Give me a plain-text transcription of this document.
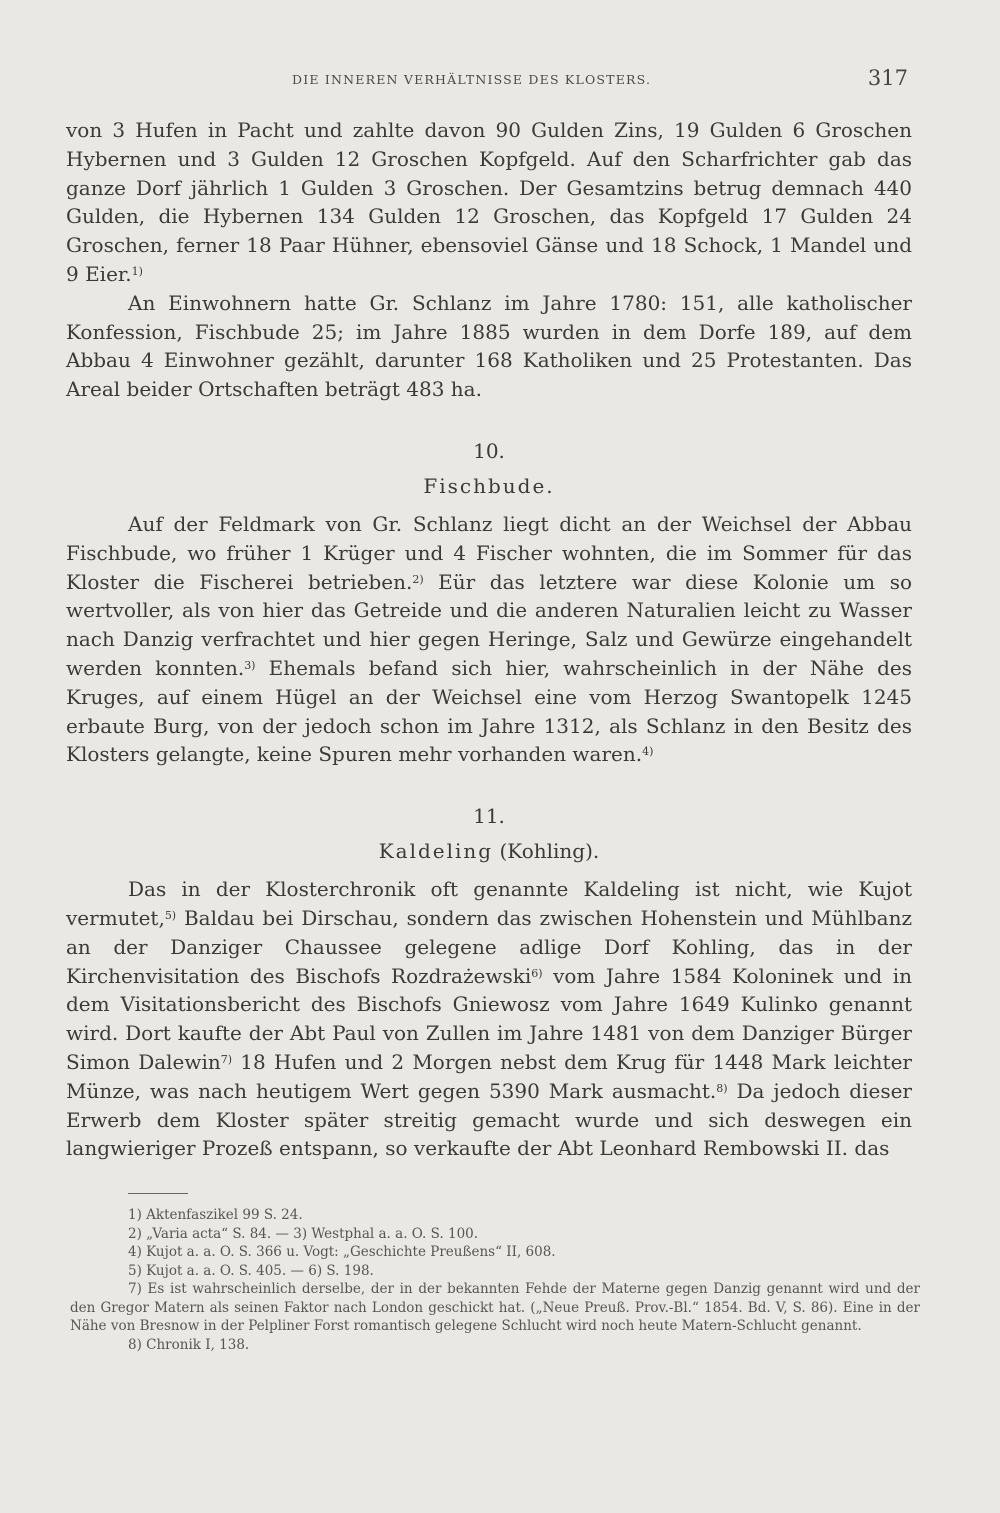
DIE INNEREN VERHÄLTNISSE DES KLOSTERS.	317

von 3 Hufen in Pacht und zahlte davon 90 Gulden Zins, 19 Gulden 6 Groschen Hybernen und 3 Gulden 12 Groschen Kopfgeld. Auf den Scharfrichter gab das ganze Dorf jährlich 1 Gulden 3 Groschen. Der Gesamtzins betrug demnach 440 Gulden, die Hybernen 134 Gulden 12 Groschen, das Kopfgeld 17 Gulden 24 Groschen, ferner 18 Paar Hühner, ebensoviel Gänse und 18 Schock, 1 Mandel und 9 Eier.$^{1)}$

An Einwohnern hatte Gr. Schlanz im Jahre 1780: 151, alle katholischer Konfession, Fischbude 25; im Jahre 1885 wurden in dem Dorfe 189, auf dem Abbau 4 Einwohner gezählt, darunter 168 Katholiken und 25 Protestanten. Das Areal beider Ortschaften beträgt 483 ha.

10.

Fischbude.

Auf der Feldmark von Gr. Schlanz liegt dicht an der Weichsel der Abbau Fischbude, wo früher 1 Krüger und 4 Fischer wohnten, die im Sommer für das Kloster die Fischerei betrieben.$^{2)}$ Eür das letztere war diese Kolonie um so wertvoller, als von hier das Getreide und die anderen Naturalien leicht zu Wasser nach Danzig verfrachtet und hier gegen Heringe, Salz und Gewürze eingehandelt werden konnten.$^{3)}$ Ehemals befand sich hier, wahrscheinlich in der Nähe des Kruges, auf einem Hügel an der Weichsel eine vom Herzog Swantopelk 1245 erbaute Burg, von der jedoch schon im Jahre 1312, als Schlanz in den Besitz des Klosters gelangte, keine Spuren mehr vorhanden waren.$^{4)}$

11.

Kaldeling (Kohling).

Das in der Klosterchronik oft genannte Kaldeling ist nicht, wie Kujot vermutet,$^{5)}$ Baldau bei Dirschau, sondern das zwischen Hohenstein und Mühlbanz an der Danziger Chaussee gelegene adlige Dorf Kohling, das in der Kirchenvisitation des Bischofs Rozdrażewski$^{6)}$ vom Jahre 1584 Koloninek und in dem Visitationsbericht des Bischofs Gniewosz vom Jahre 1649 Kulinko genannt wird. Dort kaufte der Abt Paul von Zullen im Jahre 1481 von dem Danziger Bürger Simon Dalewin$^{7)}$ 18 Hufen und 2 Morgen nebst dem Krug für 1448 Mark leichter Münze, was nach heutigem Wert gegen 5390 Mark ausmacht.$^{8)}$ Da jedoch dieser Erwerb dem Kloster später streitig gemacht wurde und sich deswegen ein langwieriger Prozeß entspann, so verkaufte der Abt Leonhard Rembowski II. das

1) Aktenfaszikel 99 S. 24.

2) „Varia acta“ S. 84. — 3) Westphal a. a. O. S. 100.

4) Kujot a. a. O. S. 366 u. Vogt: „Geschichte Preußens“ II, 608.

5) Kujot a. a. O. S. 405. — 6) S. 198.

7) Es ist wahrscheinlich derselbe, der in der bekannten Fehde der Materne gegen Danzig genannt wird und der den Gregor Matern als seinen Faktor nach London geschickt hat. („Neue Preuß. Prov.-Bl.“ 1854. Bd. V, S. 86). Eine in der Nähe von Bresnow in der Pelpliner Forst romantisch gelegene Schlucht wird noch heute Matern-Schlucht genannt.

8) Chronik I, 138.
